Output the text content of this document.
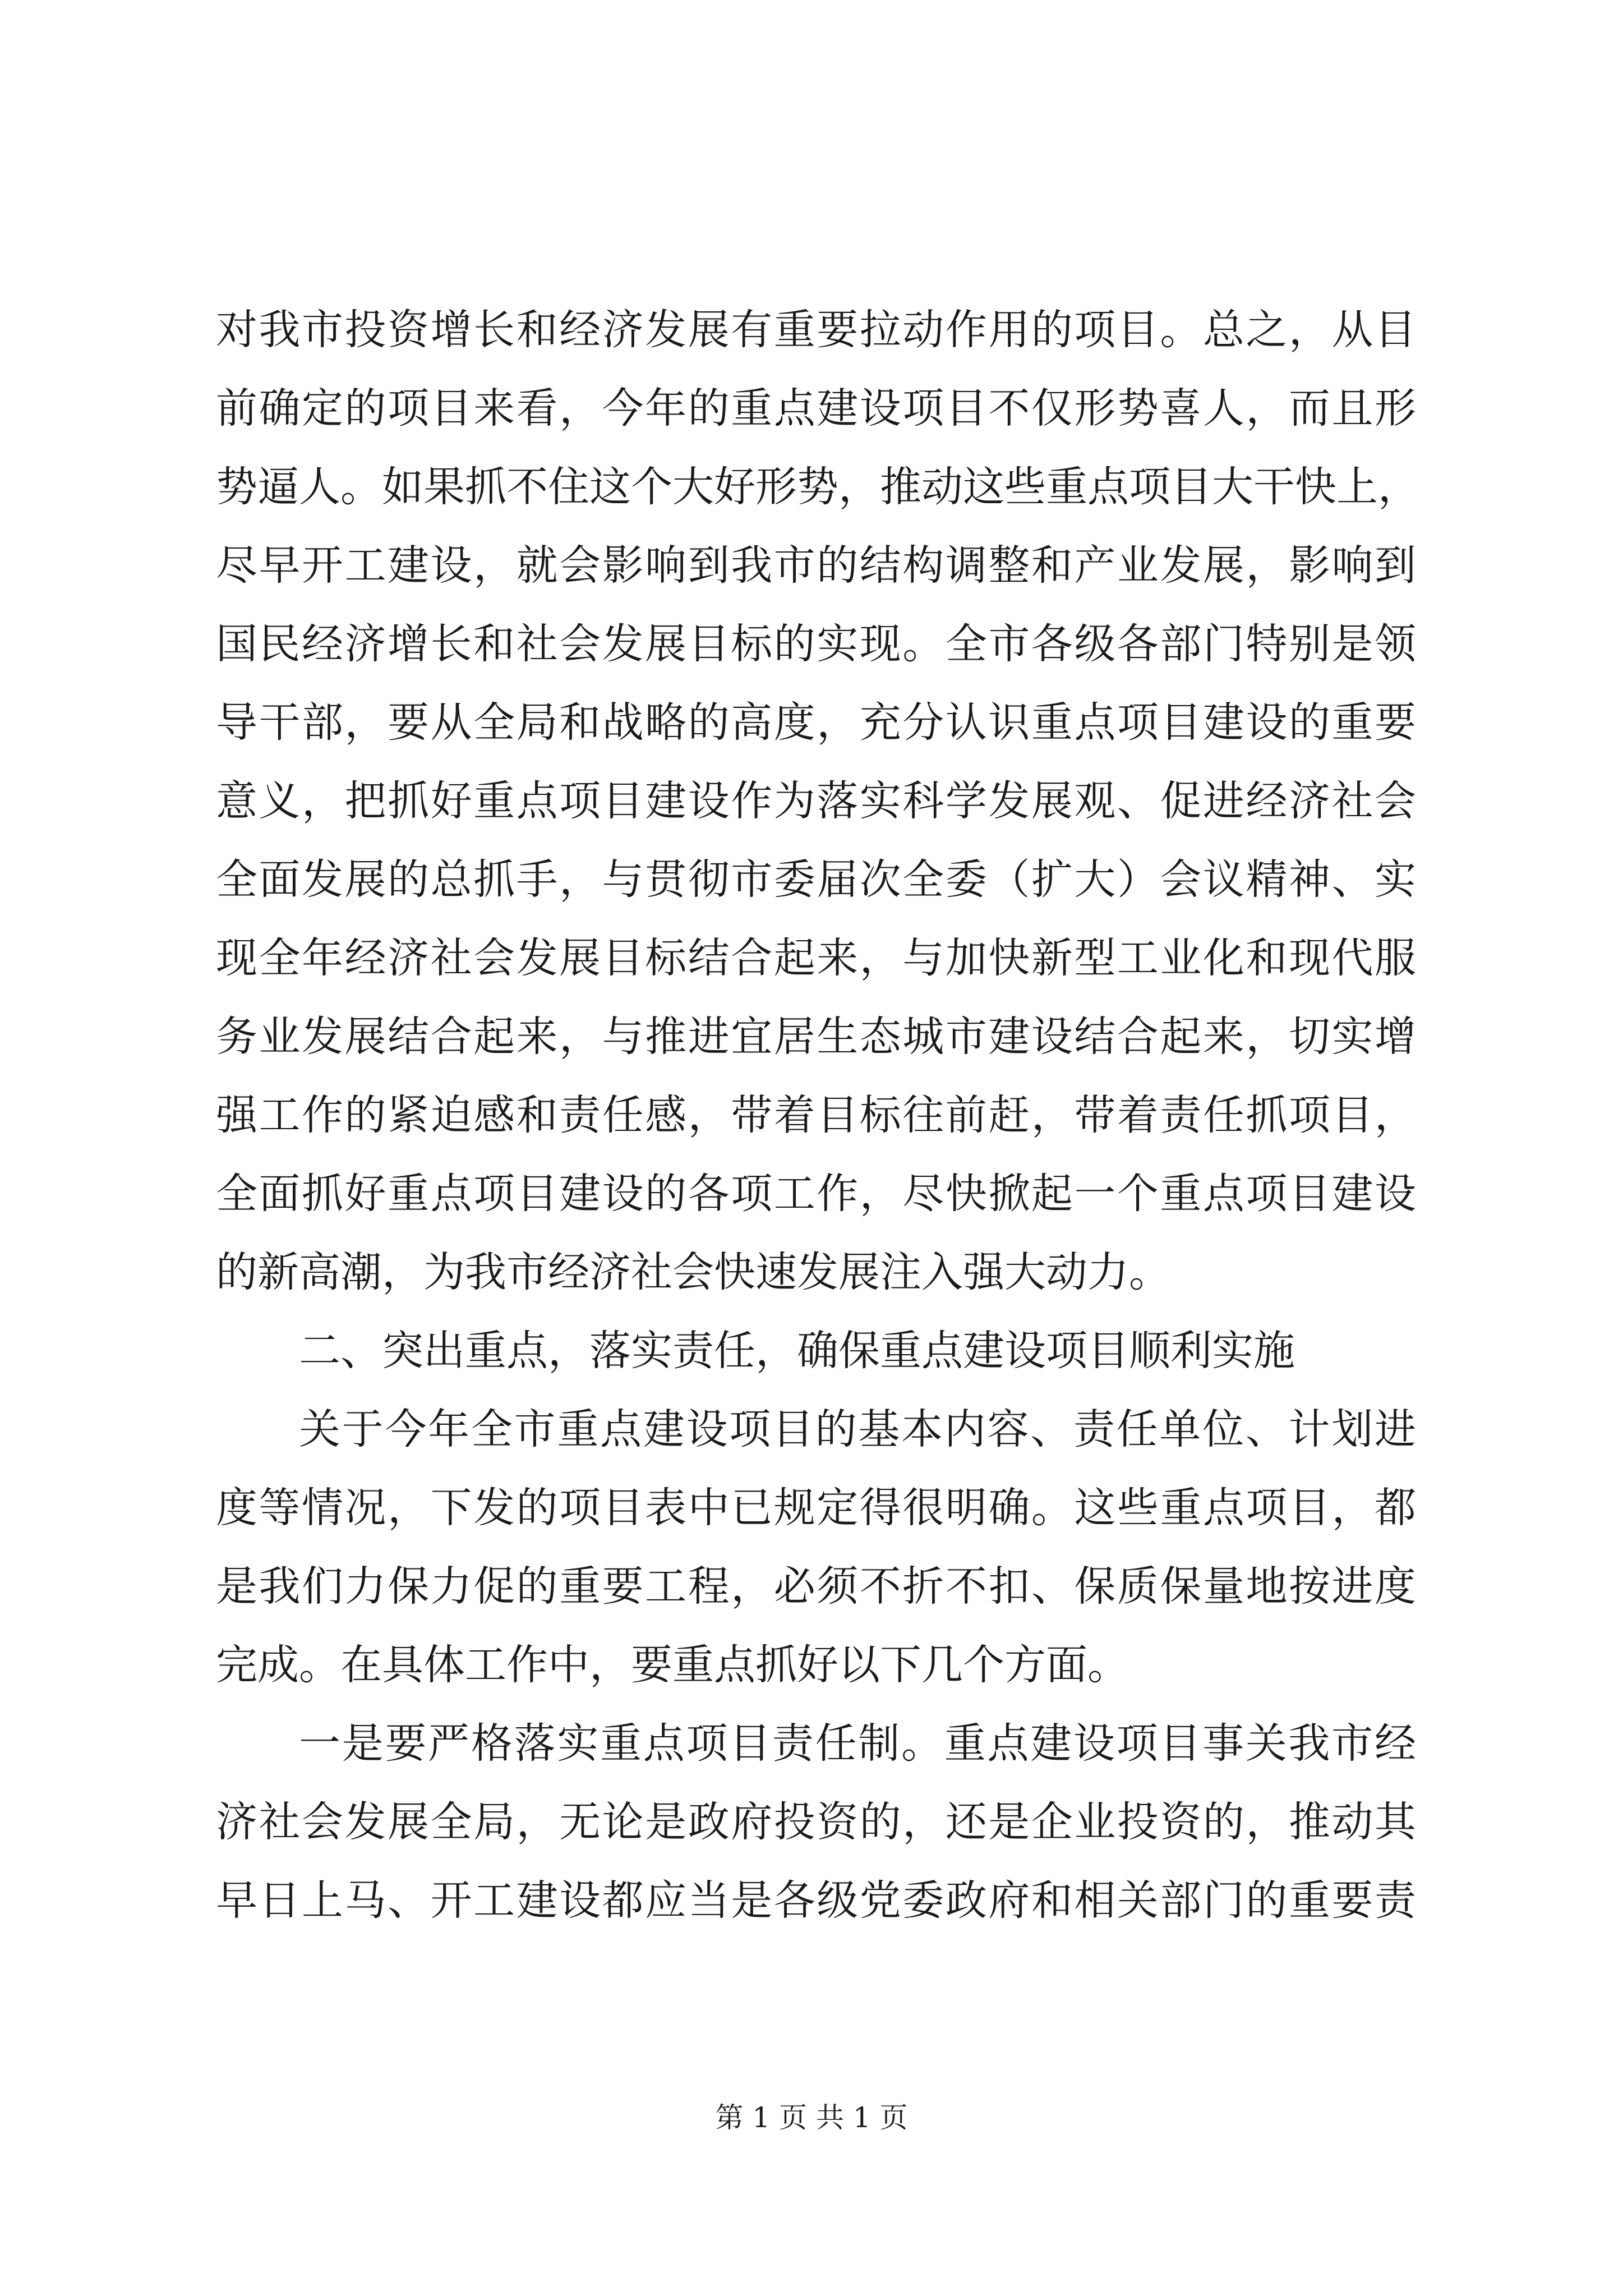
对我市投资增长和经济发展有重要拉动作用的项目。总之，从目
前确定的项目来看，今年的重点建设项目不仅形势喜人，而且形
势逼人。如果抓不住这个大好形势，推动这些重点项目大干快上，
尽早开工建设，就会影响到我市的结构调整和产业发展，影响到
国民经济增长和社会发展目标的实现。全市各级各部门特别是领
导干部，要从全局和战略的高度，充分认识重点项目建设的重要
意义，把抓好重点项目建设作为落实科学发展观、促进经济社会
全面发展的总抓手，与贯彻市委届次全委（扩大）会议精神、实
现全年经济社会发展目标结合起来，与加快新型工业化和现代服
务业发展结合起来，与推进宜居生态城市建设结合起来，切实增
强工作的紧迫感和责任感，带着目标往前赶，带着责任抓项目，
全面抓好重点项目建设的各项工作，尽快掀起一个重点项目建设
的新高潮，为我市经济社会快速发展注入强大动力。
二、突出重点，落实责任，确保重点建设项目顺利实施
关于今年全市重点建设项目的基本内容、责任单位、计划进
度等情况，下发的项目表中已规定得很明确。这些重点项目，都
是我们力保力促的重要工程，必须不折不扣、保质保量地按进度
完成。在具体工作中，要重点抓好以下几个方面。
一是要严格落实重点项目责任制。重点建设项目事关我市经
济社会发展全局，无论是政府投资的，还是企业投资的，推动其
早日上马、开工建设都应当是各级党委政府和相关部门的重要责
第 1 页 共 1 页
